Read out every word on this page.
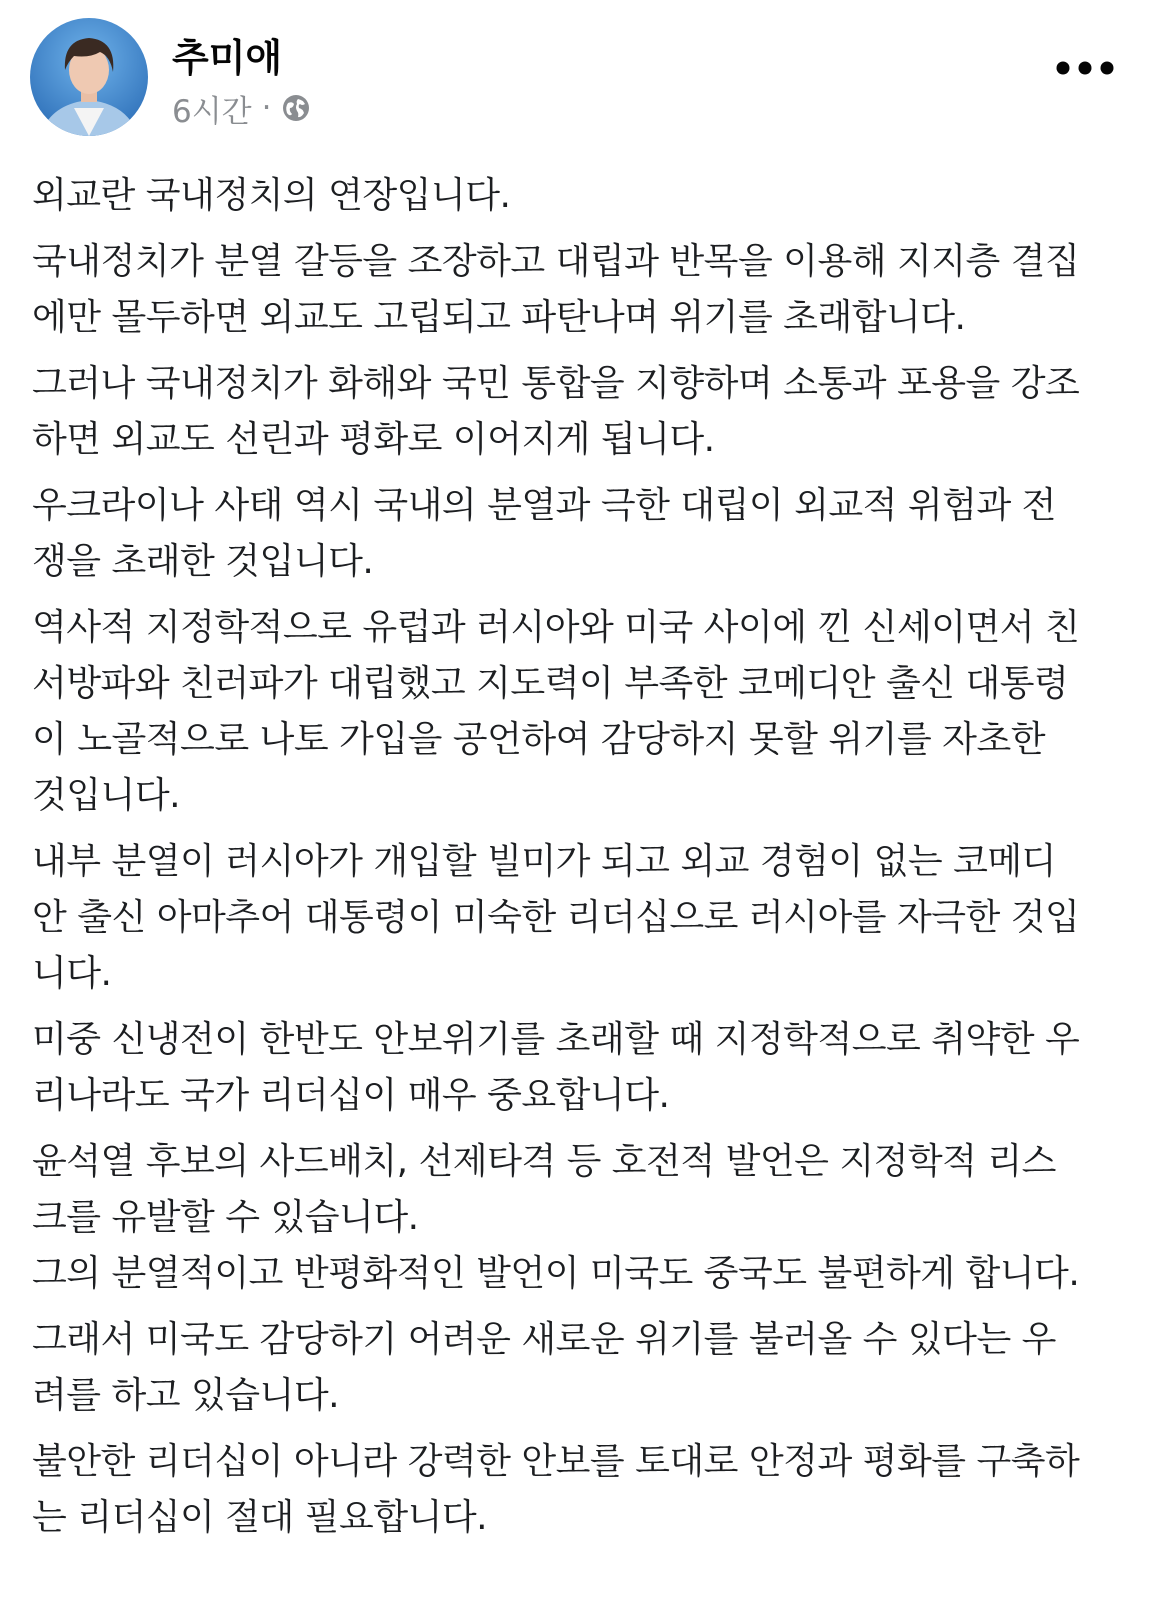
추미애
6시간 ·

외교란 국내정치의 연장입니다.

국내정치가 분열 갈등을 조장하고 대립과 반목을 이용해 지지층 결집
에만 몰두하면 외교도 고립되고 파탄나며 위기를 초래합니다.

그러나 국내정치가 화해와 국민 통합을 지향하며 소통과 포용을 강조
하면 외교도 선린과 평화로 이어지게 됩니다.

우크라이나 사태 역시 국내의 분열과 극한 대립이 외교적 위험과 전
쟁을 초래한 것입니다.

역사적 지정학적으로 유럽과 러시아와 미국 사이에 낀 신세이면서 친
서방파와 친러파가 대립했고 지도력이 부족한 코메디안 출신 대통령
이 노골적으로 나토 가입을 공언하여 감당하지 못할 위기를 자초한
것입니다.

내부 분열이 러시아가 개입할 빌미가 되고 외교 경험이 없는 코메디
안 출신 아마추어 대통령이 미숙한 리더십으로 러시아를 자극한 것입
니다.

미중 신냉전이 한반도 안보위기를 초래할 때 지정학적으로 취약한 우
리나라도 국가 리더십이 매우 중요합니다.

윤석열 후보의 사드배치, 선제타격 등 호전적 발언은 지정학적 리스
크를 유발할 수 있습니다.
그의 분열적이고 반평화적인 발언이 미국도 중국도 불편하게 합니다.

그래서 미국도 감당하기 어려운 새로운 위기를 불러올 수 있다는 우
려를 하고 있습니다.

불안한 리더십이 아니라 강력한 안보를 토대로 안정과 평화를 구축하
는 리더십이 절대 필요합니다.
